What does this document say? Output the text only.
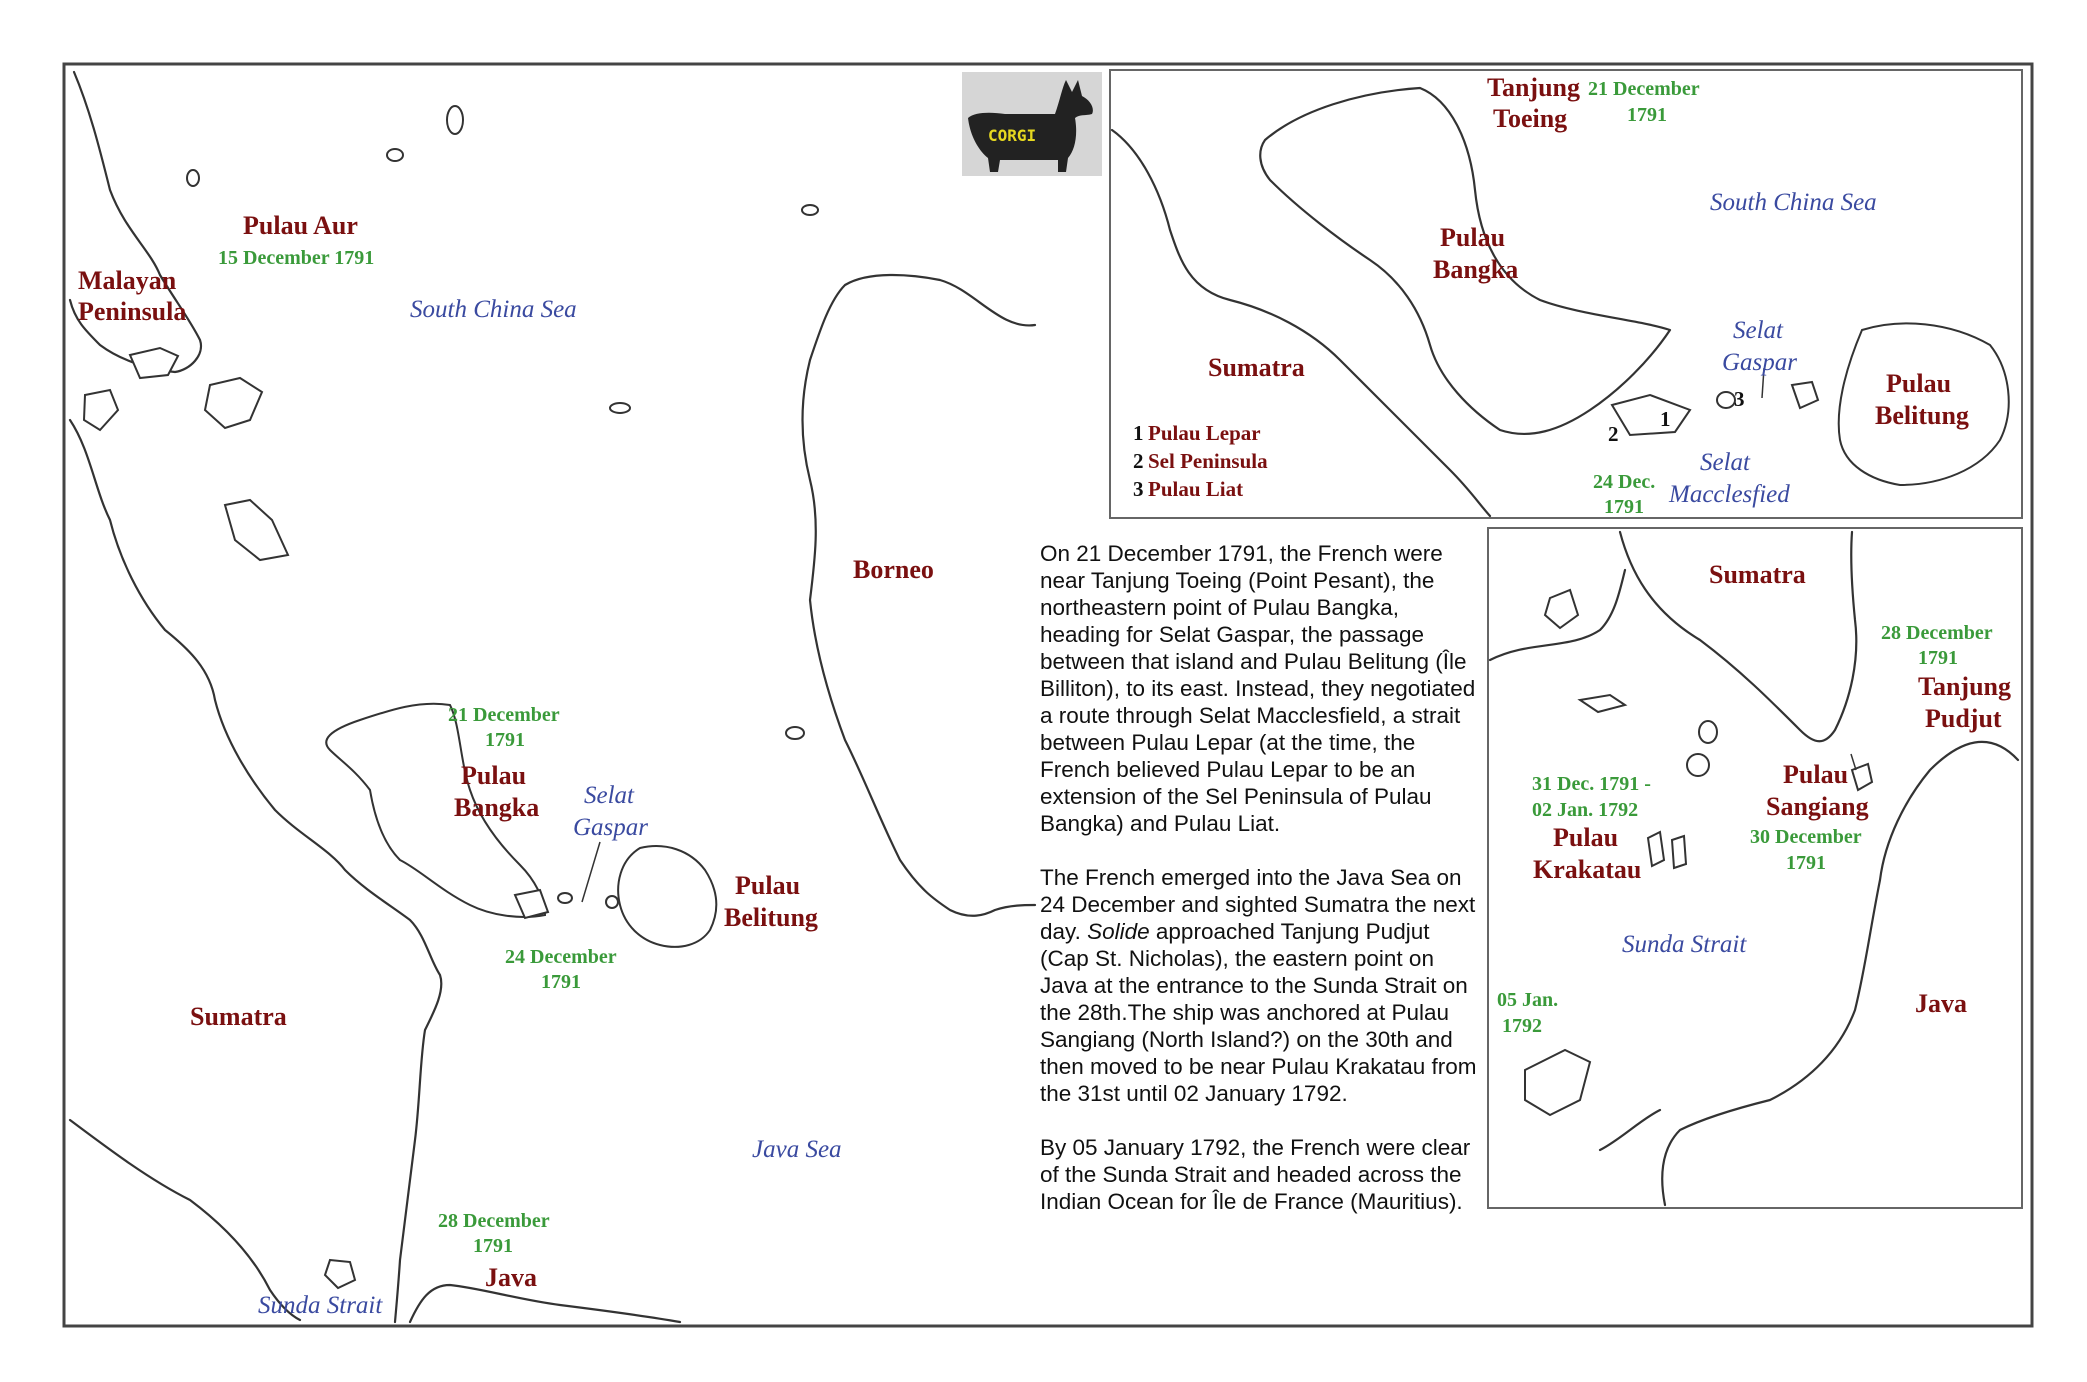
Pulau Aur
15 December 1791
Malayan
Peninsula	South China Sea
Borneo
21 December
1791
Pulau
Bangka Selat
Gaspar
Pulau
Belitung
24 December
1791
Sumatra
Java Sea
28 December
1791
Java
Sunda Strait
Tanjung
Toeing
21 December
1791
South China Sea
Pulau
Bangka
Sumatra
Selat
Gaspar
Pulau
Belitung
1
2
3
1 Pulau Lepar
2 Sel Peninsula
3 Pulau Liat	24 Dec.
1791
Selat
Macclesfied
Sumatra
28 December
1791
Tanjung
Pudjut
31 Dec. 1791 -
02 Jan. 1792
Pulau
Krakatau
Pulau
Sangiang
30 December
1791
Sunda Strait
Java
05 Jan.
1792
CORGI

On 21 December 1791, the French were near Tanjung Toeing (Point Pesant), the northeastern point of Pulau Bangka, heading for Selat Gaspar, the passage between that island and Pulau Belitung (Île Billiton), to its east. Instead, they negotiated a route through Selat Macclesfield, a strait between Pulau Lepar (at the time, the French believed Pulau Lepar to be an extension of the Sel Peninsula of Pulau Bangka) and Pulau Liat.

The French emerged into the Java Sea on 24 December and sighted Sumatra the next day. Solide approached Tanjung Pudjut (Cap St. Nicholas), the eastern point on Java at the entrance to the Sunda Strait on the 28th.The ship was anchored at Pulau Sangiang (North Island?) on the 30th and then moved to be near Pulau Krakatau from the 31st until 02 January 1792.

By 05 January 1792, the French were clear of the Sunda Strait and headed across the Indian Ocean for Île de France (Mauritius).
